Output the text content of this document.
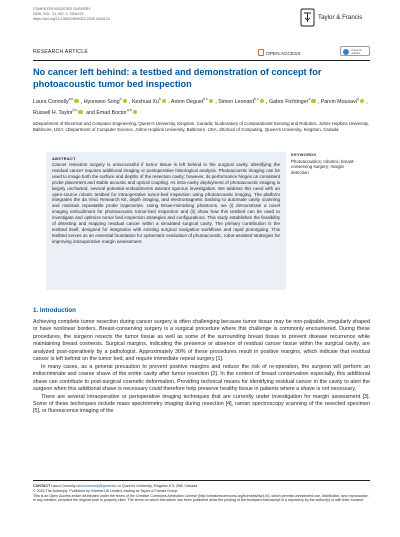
COMPUTER ASSISTED SURGERY
2026, VOL. 31, NO. 1, 2604123
https://doi.org/10.1080/24699322.2025.2604123	Taylor & Francis
RESEARCH ARTICLE	OPEN ACCESS
Check for updates
No cancer left behind: a testbed and demonstration of concept for photoacoustic tumor bed inspection
Laura Connolly$^{a,b}$ , Hyunwoo Song$^b$ , Keshuai Xu$^b$ , Anton Deguet$^{b,c}$ , Simon Leonard$^{b,c}$ , Gabor Fichtinger$^a$ , Parvin Mousavi$^d$ , Russell H. Taylor$^{b,c}$ and Emad Boctor$^{a,b}$
aDepartment of Electrical and Computer Engineering, Queen's University, Kingston, Canada; bLaboratory of Computational Sensing and Robotics, Johns Hopkins University, Baltimore, USA; cDepartment of Computer Science, Johns Hopkins University, Baltimore, USA; dSchool of Computing, Queen's University, Kingston, Canada
ABSTRACT
Cancer resection surgery is unsuccessful if tumor tissue is left behind in the surgical cavity. Identifying the residual cancer requires additional imaging or postoperative histological analysis. Photoacoustic imaging can be used to image both the surface and depths of the resection cavity; however, its performance hinges on consistent probe placement and stable acoustic and optical coupling. As intra-cavity deployment of photoacoustic imaging is largely uncharted, several potential embodiments warrant rigorous investigation. We address this need with an open-source robotic testbed for intraoperative tumor-bed inspection using photoacoustic imaging. The platform integrates the da Vinci Research Kit, depth imaging, and electromagnetic tracking to automate cavity scanning and maintain repeatable probe trajectories. Using tissue-mimicking phantoms, we (i) demonstrate a novel imaging embodiment for photoacoustic tumor-bed inspection and (ii) show how this testbed can be used to investigate and optimize tumor bed inspection strategies and configurations. This study establishes the feasibility of detecting and mapping residual cancer within a simulated surgical cavity. The primary contribution is the testbed itself, designed for integration with existing surgical navigation workflows and rapid prototyping. This testbed serves as an essential foundation for systematic evaluation of photoacoustic, robot-assisted strategies for improving intraoperative margin assessment.
KEYWORDS
Photoacoustics; robotics; breast-conserving surgery; margin detection
1. Introduction

Achieving complete tumor resection during cancer surgery is often challenging because tumor tissue may be non-palpable, irregularly shaped or have nonlinear borders. Breast-conserving surgery is a surgical procedure where this challenge is commonly encountered. During these procedures, the surgeon resects the tumor tissue as well as some of the surrounding breast tissue to prevent disease recurrence while maintaining breast cosmesis. Surgical margins, indicating the presence or absence of residual cancer tissue within the surgical cavity, are analyzed post-operatively by a pathologist. Approximately 30% of these procedures result in positive margins, which indicate that residual cancer is left behind on the tumor bed, and require immediate repeat surgery [1].

In many cases, as a general precaution to prevent positive margins and reduce the risk of re-operation, the surgeon will perform an indiscriminate and coarse shave of the entire cavity after tumor resection [2]. In the context of breast conservation especially, this additional shave can contribute to post-surgical cosmetic deformation. Providing technical means for identifying residual cancer in the cavity to alert the surgeon when this additional shave is necessary could therefore help preserve healthy tissue in patients where a shave is not necessary.

There are several intraoperative or perioperative imaging techniques that are currently under investigation for margin assessment [3]. Some of these techniques include mass spectrometry imaging during resection [4], raman spectroscopy scanning of the resected specimen [5], or fluorescence imaging of the

CONTACT Laura Connolly laura.connolly@queensu.ca Queen's University, Kingston K7L 2N8, Canada
© 2025 The Author(s). Published by Informa UK Limited, trading as Taylor & Francis Group.
This is an Open Access article distributed under the terms of the Creative Commons Attribution License (http://creativecommons.org/licenses/by/4.0/), which permits unrestricted use, distribution, and reproduction in any medium, provided the original work is properly cited. The terms on which this article has been published allow the posting of the Accepted Manuscript in a repository by the author(s) or with their consent.
